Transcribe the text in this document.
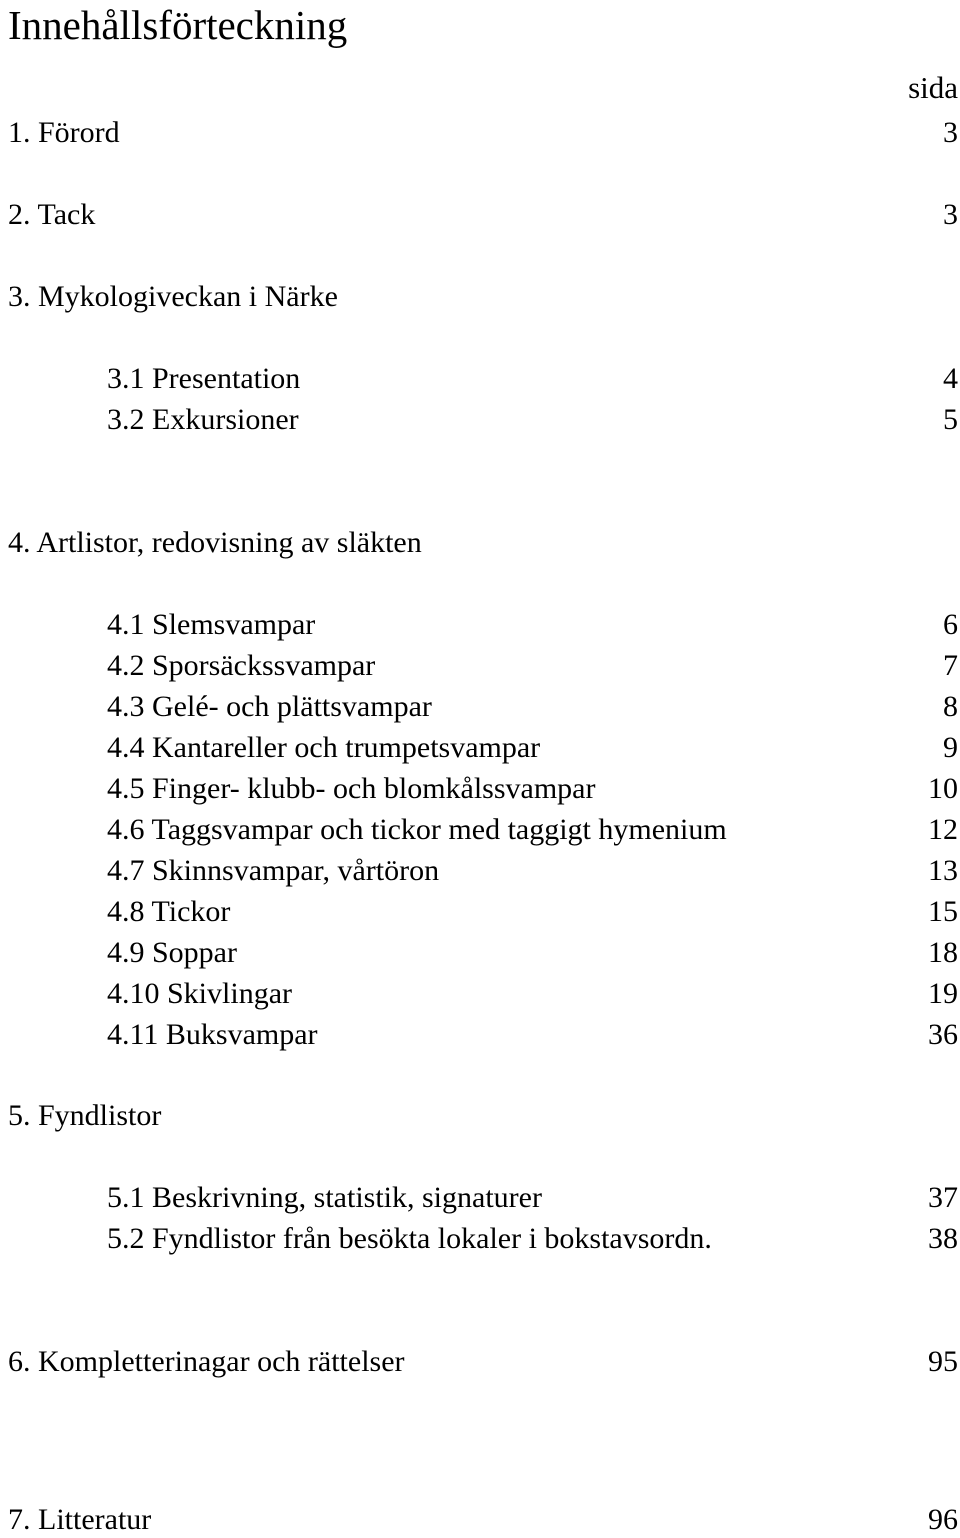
Innehållsförteckning
sida
1. Förord	3
2. Tack	3
3. Mykologiveckan i Närke
3.1 Presentation	4
3.2 Exkursioner	5
4. Artlistor, redovisning av släkten
4.1 Slemsvampar	6
4.2 Sporsäckssvampar	7
4.3 Gelé- och plättsvampar	8
4.4 Kantareller och trumpetsvampar	9
4.5 Finger- klubb- och blomkålssvampar	10
4.6 Taggsvampar och tickor med taggigt hymenium	12
4.7 Skinnsvampar, vårtöron	13
4.8 Tickor	15
4.9 Soppar	18
4.10 Skivlingar	19
4.11 Buksvampar	36
5. Fyndlistor
5.1 Beskrivning, statistik, signaturer	37
5.2 Fyndlistor från besökta lokaler i bokstavsordn.	38
6. Kompletterinagar och rättelser	95
7. Litteratur	96
